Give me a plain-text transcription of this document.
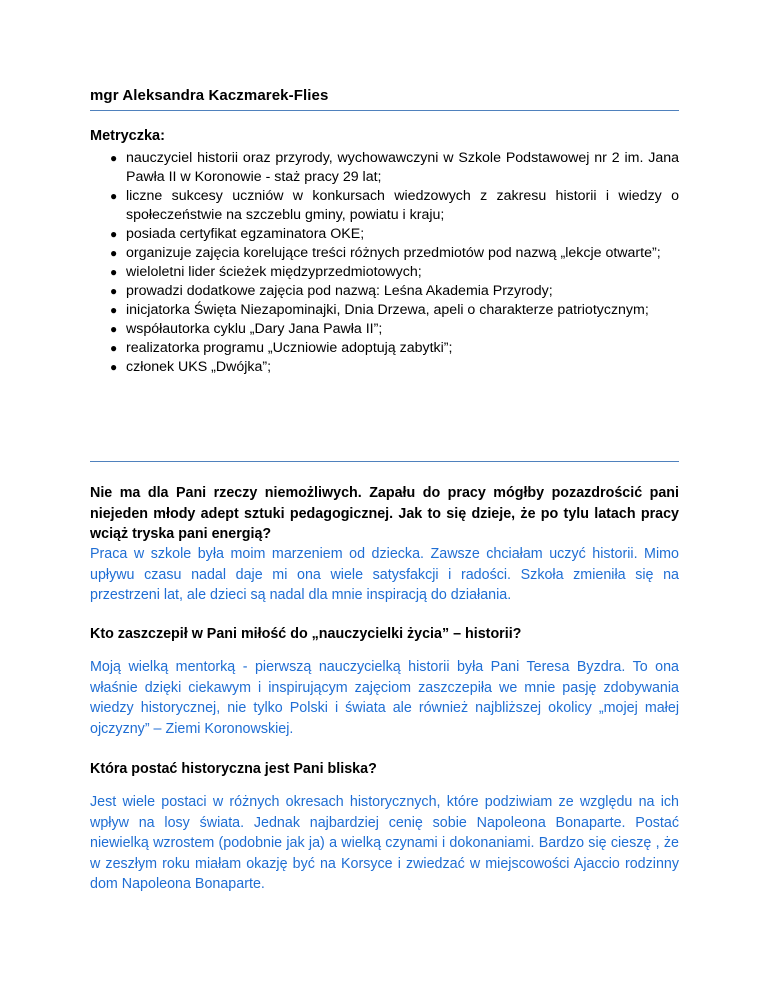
mgr Aleksandra Kaczmarek-Flies
Metryczka:
● nauczyciel historii oraz przyrody, wychowawczyni w Szkole Podstawowej nr 2 im. Jana Pawła II w Koronowie - staż pracy 29 lat;
● liczne sukcesy uczniów w konkursach wiedzowych z zakresu historii i wiedzy o społeczeństwie na szczeblu gminy, powiatu i kraju;
● posiada certyfikat egzaminatora OKE;
● organizuje zajęcia korelujące treści różnych przedmiotów pod nazwą „lekcje otwarte”;
● wieloletni lider ścieżek międzyprzedmiotowych;
● prowadzi dodatkowe zajęcia pod nazwą: Leśna Akademia Przyrody;
● inicjatorka Święta Niezapominajki, Dnia Drzewa, apeli o charakterze patriotycznym;
● współautorka cyklu „Dary Jana Pawła II”;
● realizatorka programu „Uczniowie adoptują zabytki”;
● członek UKS „Dwójka”;

Nie ma dla Pani rzeczy niemożliwych. Zapału do pracy mógłby pozazdrościć pani niejeden młody adept sztuki pedagogicznej. Jak to się dzieje, że po tylu latach pracy wciąż tryska pani energią?

Praca w szkole była moim marzeniem od dziecka. Zawsze chciałam uczyć historii. Mimo upływu czasu nadal daje mi ona wiele satysfakcji i radości. Szkoła zmieniła się na przestrzeni lat, ale dzieci są nadal dla mnie inspiracją do działania.

Kto zaszczepił w Pani miłość do „nauczycielki życia” – historii?

Moją wielką mentorką - pierwszą nauczycielką historii była Pani Teresa Byzdra. To ona właśnie dzięki ciekawym i inspirującym zajęciom zaszczepiła we mnie pasję zdobywania wiedzy historycznej, nie tylko Polski i świata ale również najbliższej okolicy „mojej małej ojczyzny” – Ziemi Koronowskiej.

Która postać historyczna jest Pani bliska?

Jest wiele postaci w różnych okresach historycznych, które podziwiam ze względu na ich wpływ na losy świata. Jednak najbardziej cenię sobie Napoleona Bonaparte. Postać niewielką wzrostem (podobnie jak ja) a wielką czynami i dokonaniami. Bardzo się cieszę , że w zeszłym roku miałam okazję być na Korsyce i zwiedzać w miejscowości Ajaccio rodzinny dom Napoleona Bonaparte.
